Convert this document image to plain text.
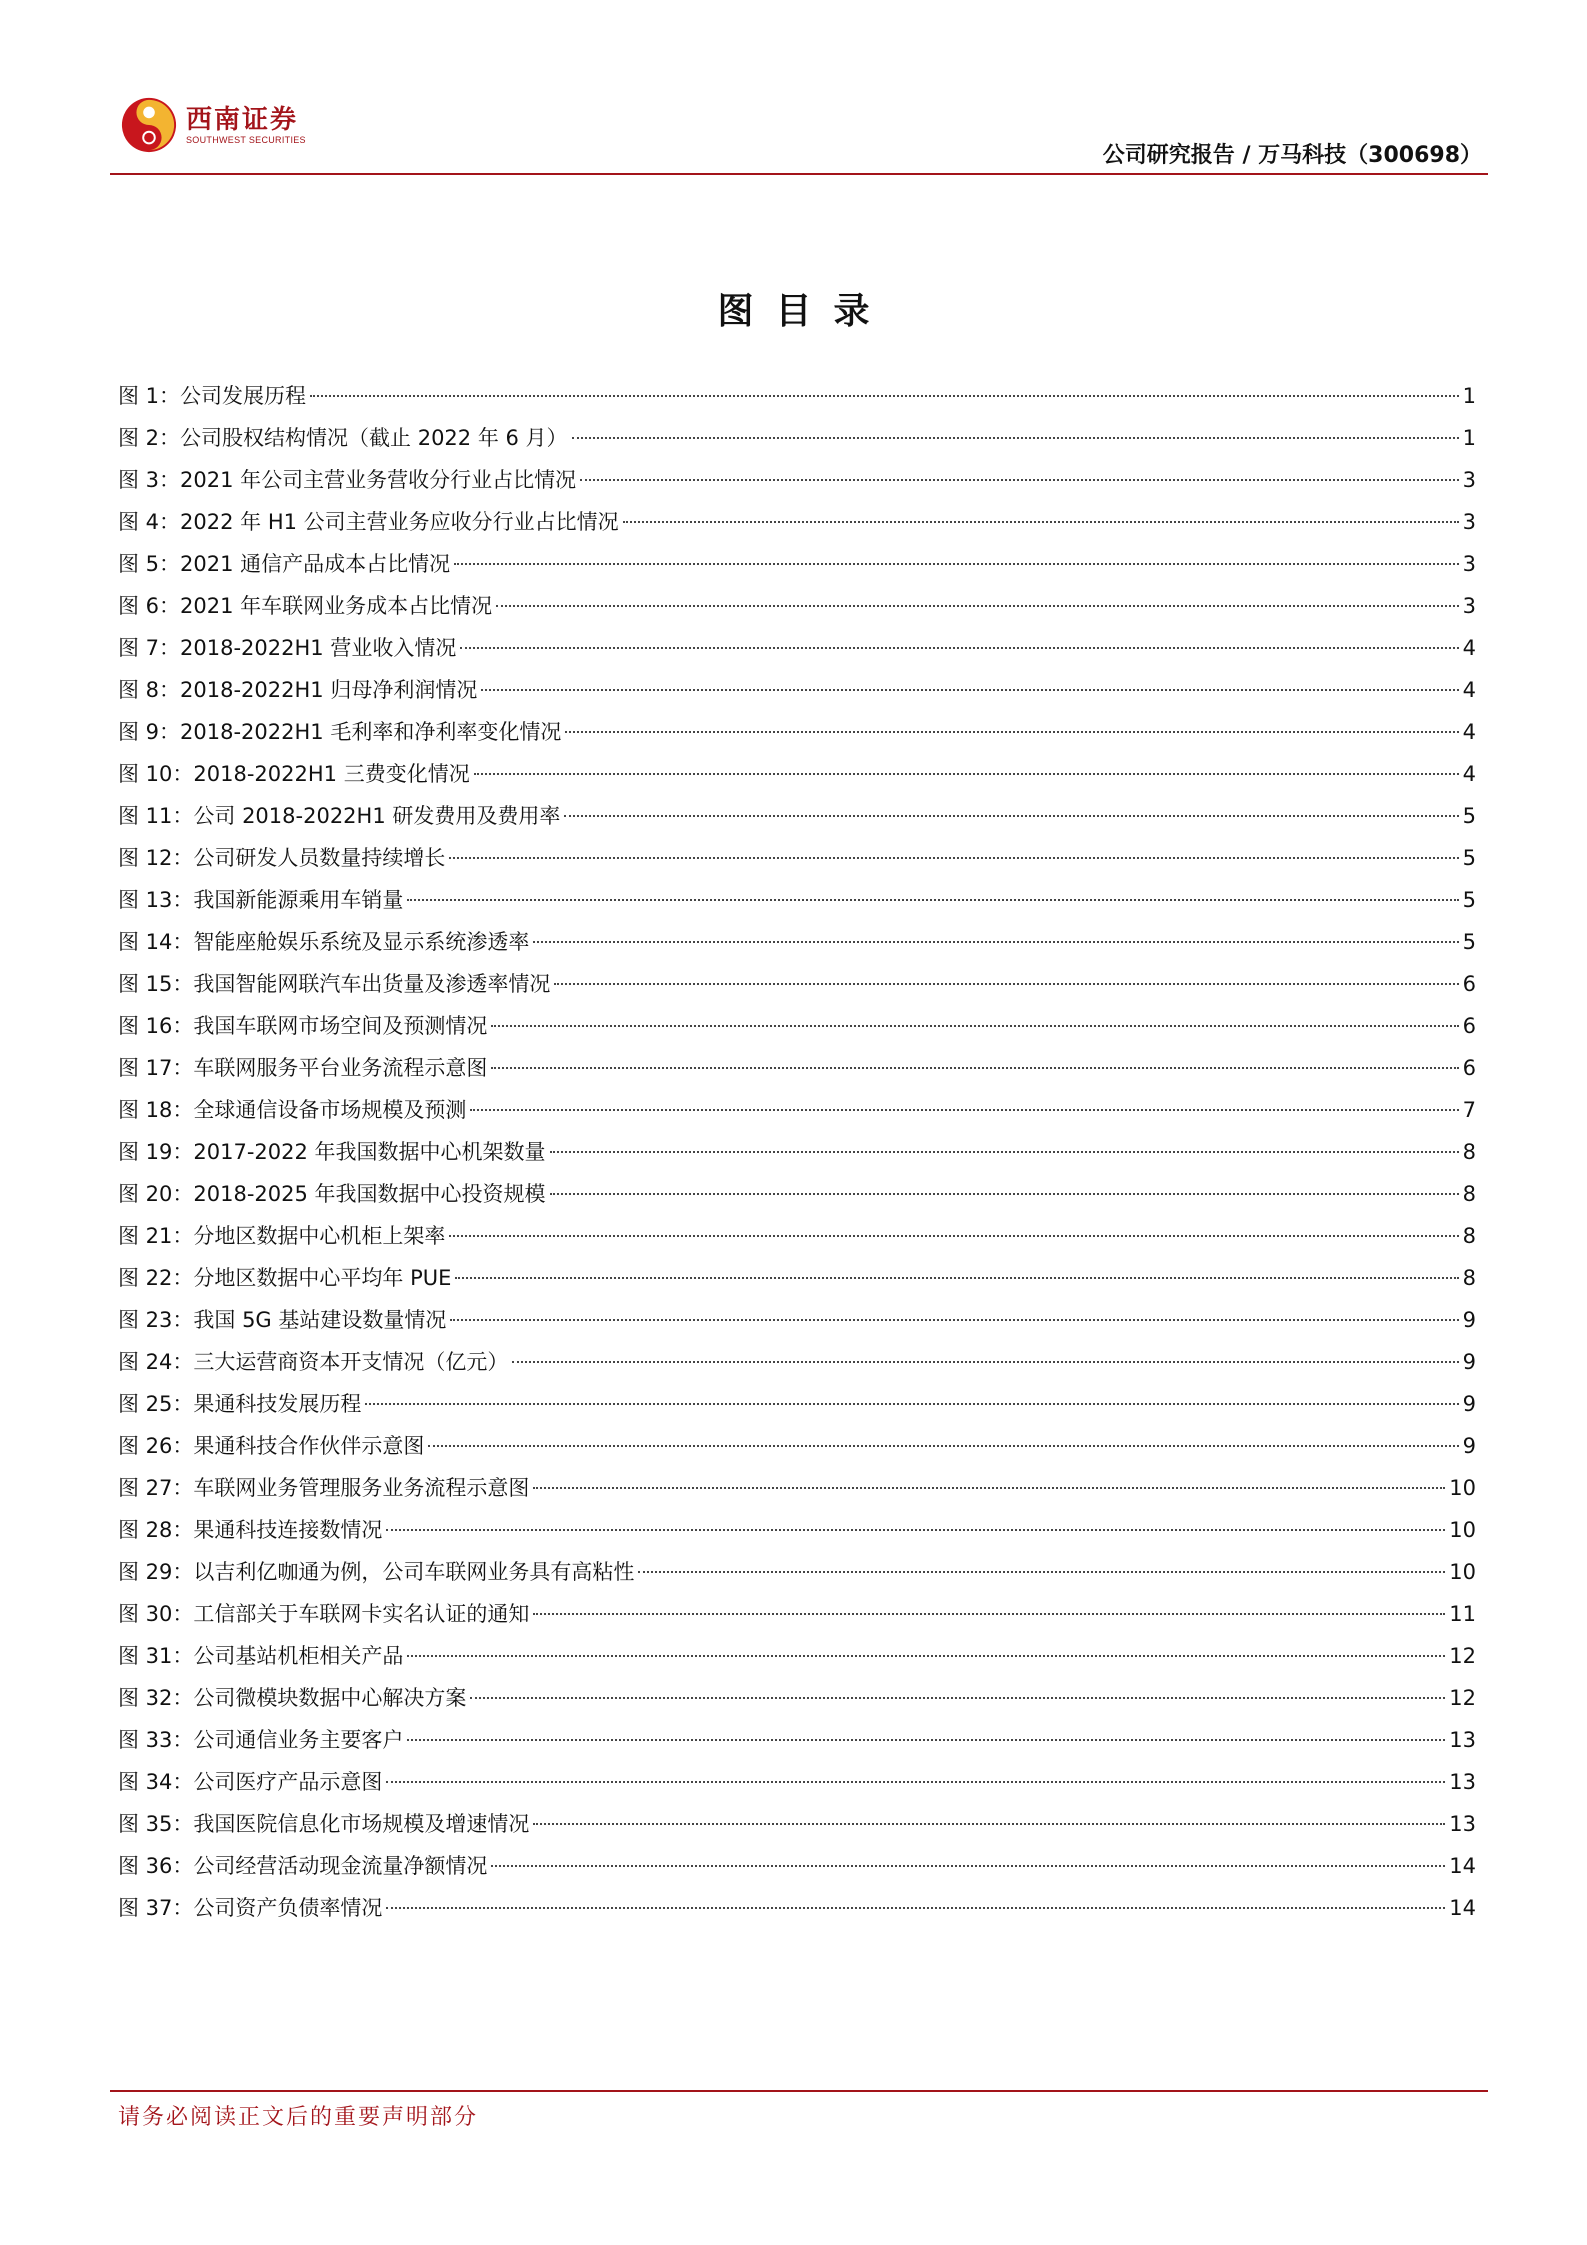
西南证券
SOUTHWEST SECURITIES
公司研究报告 / 万马科技（300698）
图目录
图 1：公司发展历程	1
图 2：公司股权结构情况（截止 2022 年 6 月）	1
图 3：2021 年公司主营业务营收分行业占比情况	3
图 4：2022 年 H1 公司主营业务应收分行业占比情况	3
图 5：2021 通信产品成本占比情况	3
图 6：2021 年车联网业务成本占比情况	3
图 7：2018-2022H1 营业收入情况	4
图 8：2018-2022H1 归母净利润情况	4
图 9：2018-2022H1 毛利率和净利率变化情况	4
图 10：2018-2022H1 三费变化情况	4
图 11：公司 2018-2022H1 研发费用及费用率	5
图 12：公司研发人员数量持续增长	5
图 13：我国新能源乘用车销量	5
图 14：智能座舱娱乐系统及显示系统渗透率	5
图 15：我国智能网联汽车出货量及渗透率情况	6
图 16：我国车联网市场空间及预测情况	6
图 17：车联网服务平台业务流程示意图	6
图 18：全球通信设备市场规模及预测	7
图 19：2017-2022 年我国数据中心机架数量	8
图 20：2018-2025 年我国数据中心投资规模	8
图 21：分地区数据中心机柜上架率	8
图 22：分地区数据中心平均年 PUE	8
图 23：我国 5G 基站建设数量情况	9
图 24：三大运营商资本开支情况（亿元）	9
图 25：果通科技发展历程	9
图 26：果通科技合作伙伴示意图	9
图 27：车联网业务管理服务业务流程示意图	10
图 28：果通科技连接数情况	10
图 29：以吉利亿咖通为例，公司车联网业务具有高粘性	10
图 30：工信部关于车联网卡实名认证的通知	11
图 31：公司基站机柜相关产品	12
图 32：公司微模块数据中心解决方案	12
图 33：公司通信业务主要客户	13
图 34：公司医疗产品示意图	13
图 35：我国医院信息化市场规模及增速情况	13
图 36：公司经营活动现金流量净额情况	14
图 37：公司资产负债率情况	14
请务必阅读正文后的重要声明部分
